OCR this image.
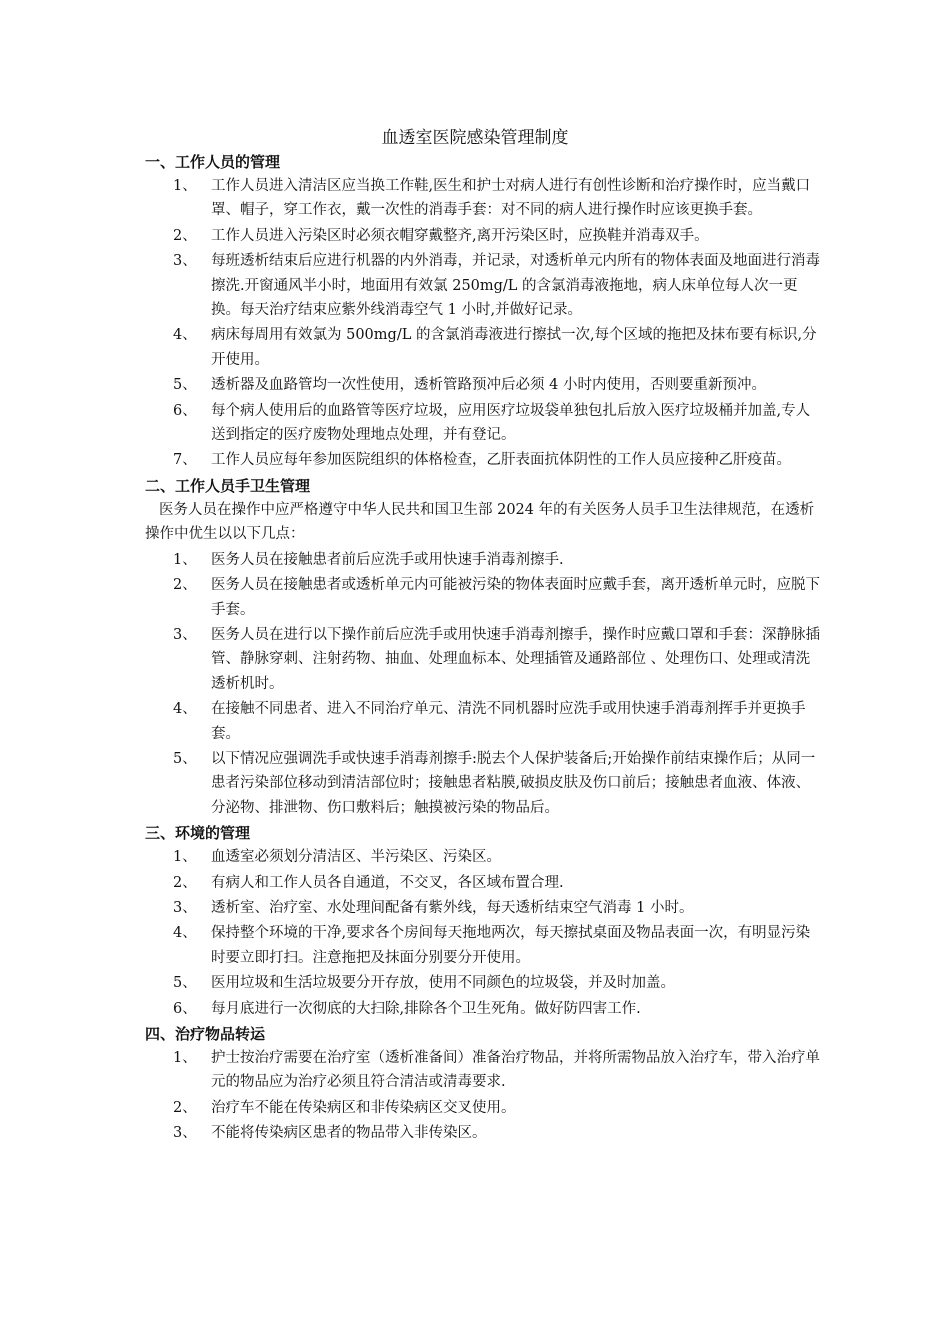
血透室医院感染管理制度
一、工作人员的管理
1、 工作人员进入清洁区应当换工作鞋,医生和护士对病人进行有创性诊断和治疗操作时，应当戴口罩、帽子，穿工作衣，戴一次性的消毒手套：对不同的病人进行操作时应该更换手套。
2、 工作人员进入污染区时必须衣帽穿戴整齐,离开污染区时，应换鞋并消毒双手。
3、 每班透析结束后应进行机器的内外消毒，并记录，对透析单元内所有的物体表面及地面进行消毒擦洗.开窗通风半小时，地面用有效氯 250mg/L 的含氯消毒液拖地，病人床单位每人次一更换。每天治疗结束应紫外线消毒空气 1 小时,并做好记录。
4、 病床每周用有效氯为 500mg/L 的含氯消毒液进行擦拭一次,每个区域的拖把及抹布要有标识,分开使用。
5、 透析器及血路管均一次性使用，透析管路预冲后必须 4 小时内使用，否则要重新预冲。
6、 每个病人使用后的血路管等医疗垃圾，应用医疗垃圾袋单独包扎后放入医疗垃圾桶并加盖,专人送到指定的医疗废物处理地点处理，并有登记。
7、 工作人员应每年参加医院组织的体格检查，乙肝表面抗体阴性的工作人员应接种乙肝疫苗。
二、工作人员手卫生管理

医务人员在操作中应严格遵守中华人民共和国卫生部 2024 年的有关医务人员手卫生法律规范，在透析操作中优生以以下几点：

1、 医务人员在接触患者前后应洗手或用快速手消毒剂擦手.
2、 医务人员在接触患者或透析单元内可能被污染的物体表面时应戴手套，离开透析单元时，应脱下手套。
3、 医务人员在进行以下操作前后应洗手或用快速手消毒剂擦手，操作时应戴口罩和手套：深静脉插管、静脉穿刺、注射药物、抽血、处理血标本、处理插管及通路部位 、处理伤口、处理或清洗透析机时。
4、 在接触不同患者、进入不同治疗单元、清洗不同机器时应洗手或用快速手消毒剂挥手并更换手套。
5、 以下情况应强调洗手或快速手消毒剂擦手:脱去个人保护装备后;开始操作前结束操作后；从同一患者污染部位移动到清洁部位时；接触患者粘膜,破损皮肤及伤口前后；接触患者血液、体液、分泌物、排泄物、伤口敷料后；触摸被污染的物品后。
三、环境的管理
1、 血透室必须划分清洁区、半污染区、污染区。
2、 有病人和工作人员各自通道，不交叉，各区域布置合理.
3、 透析室、治疗室、水处理间配备有紫外线，每天透析结束空气消毒 1 小时。
4、 保持整个环境的干净,要求各个房间每天拖地两次，每天擦拭桌面及物品表面一次，有明显污染时要立即打扫。注意拖把及抹面分别要分开使用。
5、 医用垃圾和生活垃圾要分开存放，使用不同颜色的垃圾袋，并及时加盖。
6、 每月底进行一次彻底的大扫除,排除各个卫生死角。做好防四害工作.
四、治疗物品转运
1、 护士按治疗需要在治疗室（透析准备间）准备治疗物品，并将所需物品放入治疗车，带入治疗单元的物品应为治疗必须且符合清洁或清毒要求.
2、 治疗车不能在传染病区和非传染病区交叉使用。
3、 不能将传染病区患者的物品带入非传染区。
